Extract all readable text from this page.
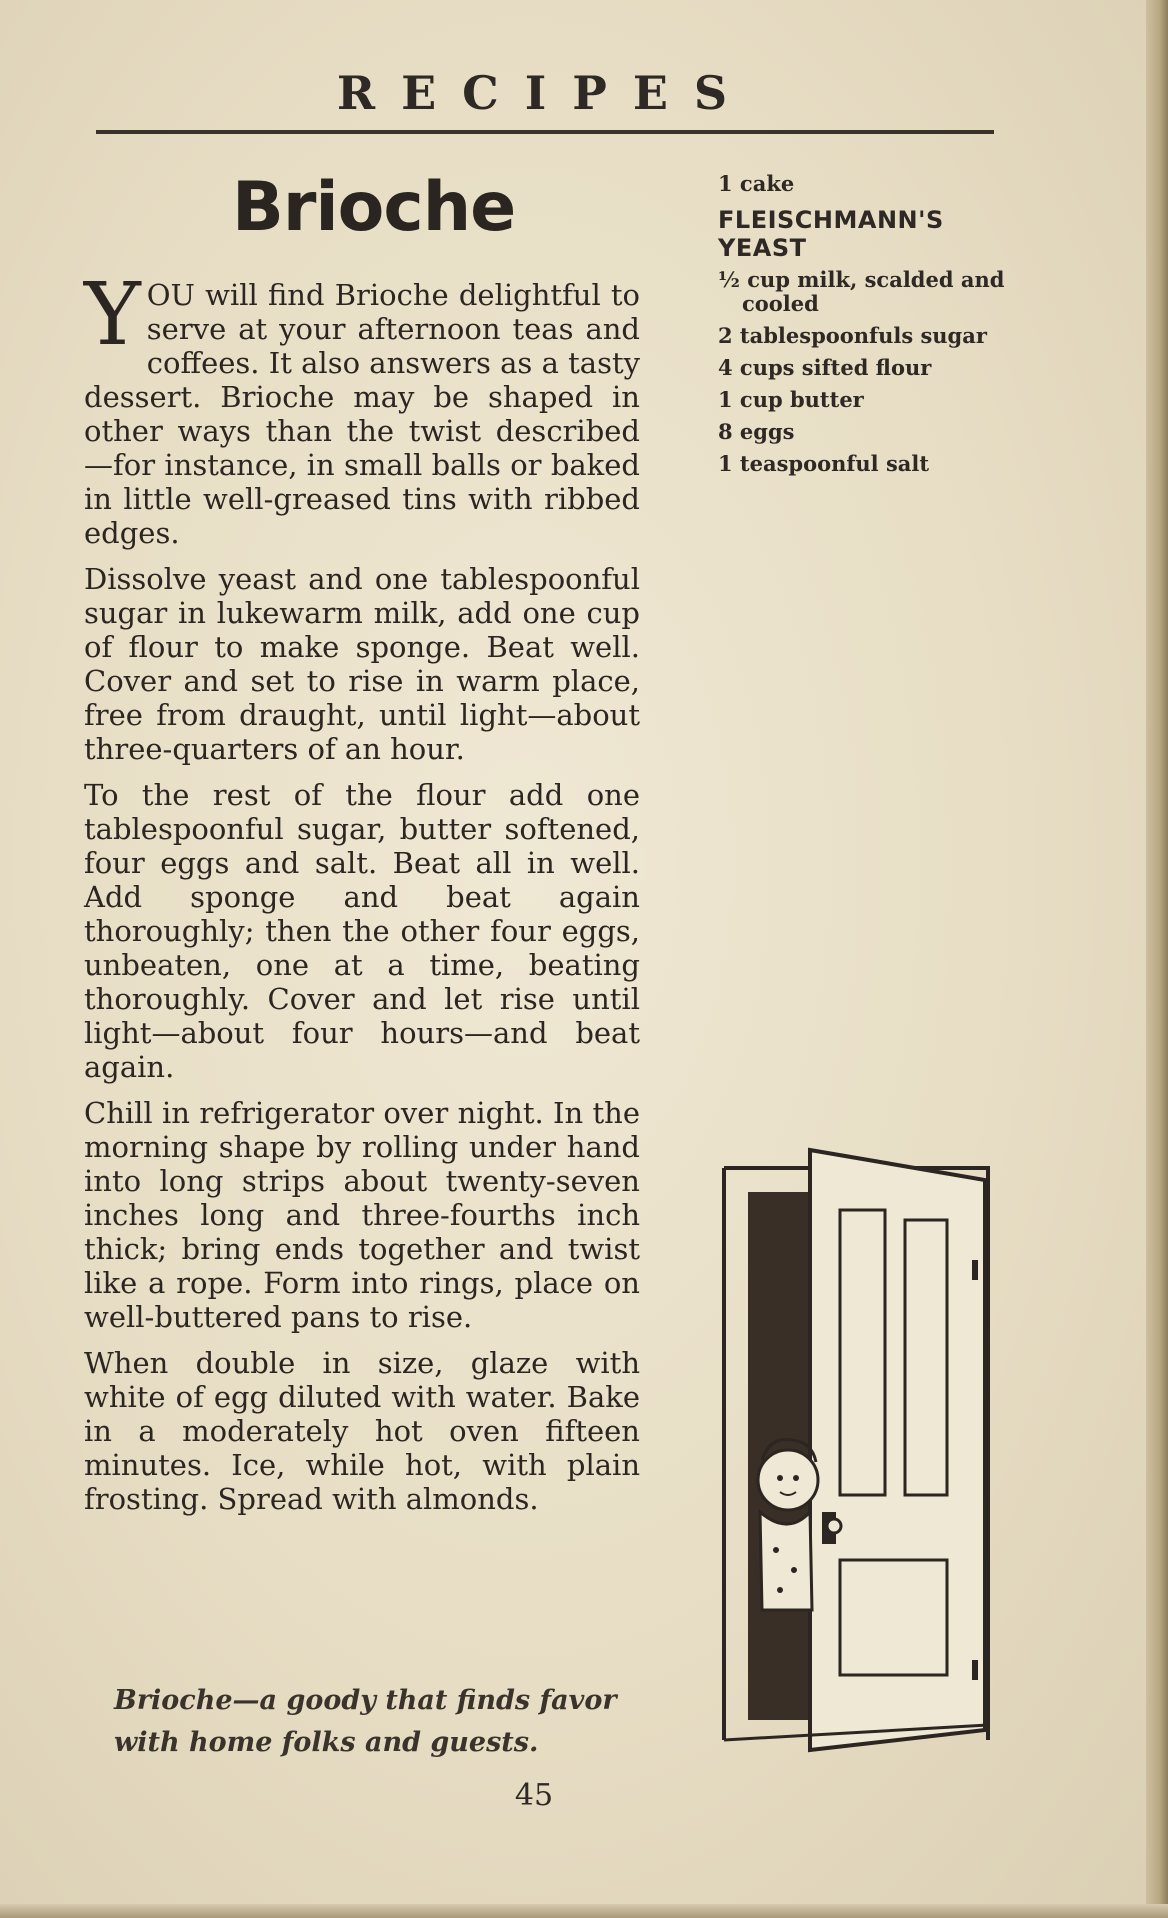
RECIPES
Brioche

YOU will find Brioche delightful to serve at your afternoon teas and coffees. It also answers as a tasty dessert. Brioche may be shaped in other ways than the twist described—for instance, in small balls or baked in little well-greased tins with ribbed edges.

Dissolve yeast and one tablespoonful sugar in lukewarm milk, add one cup of flour to make sponge. Beat well. Cover and set to rise in warm place, free from draught, until light—about three-quarters of an hour.

To the rest of the flour add one tablespoonful sugar, butter softened, four eggs and salt. Beat all in well. Add sponge and beat again thoroughly; then the other four eggs, unbeaten, one at a time, beating thoroughly. Cover and let rise until light—about four hours—and beat again.

Chill in refrigerator over night. In the morning shape by rolling under hand into long strips about twenty-seven inches long and three-fourths inch thick; bring ends together and twist like a rope. Form into rings, place on well-buttered pans to rise.

When double in size, glaze with white of egg diluted with water. Bake in a moderately hot oven fifteen minutes. Ice, while hot, with plain frosting. Spread with almonds.

Brioche—a goody that finds favor
with home folks and guests.
45
1 cake
FLEISCHMANN'S YEAST
½ cup milk, scalded and cooled
2 tablespoonfuls sugar
4 cups sifted flour
1 cup butter
8 eggs
1 teaspoonful salt
